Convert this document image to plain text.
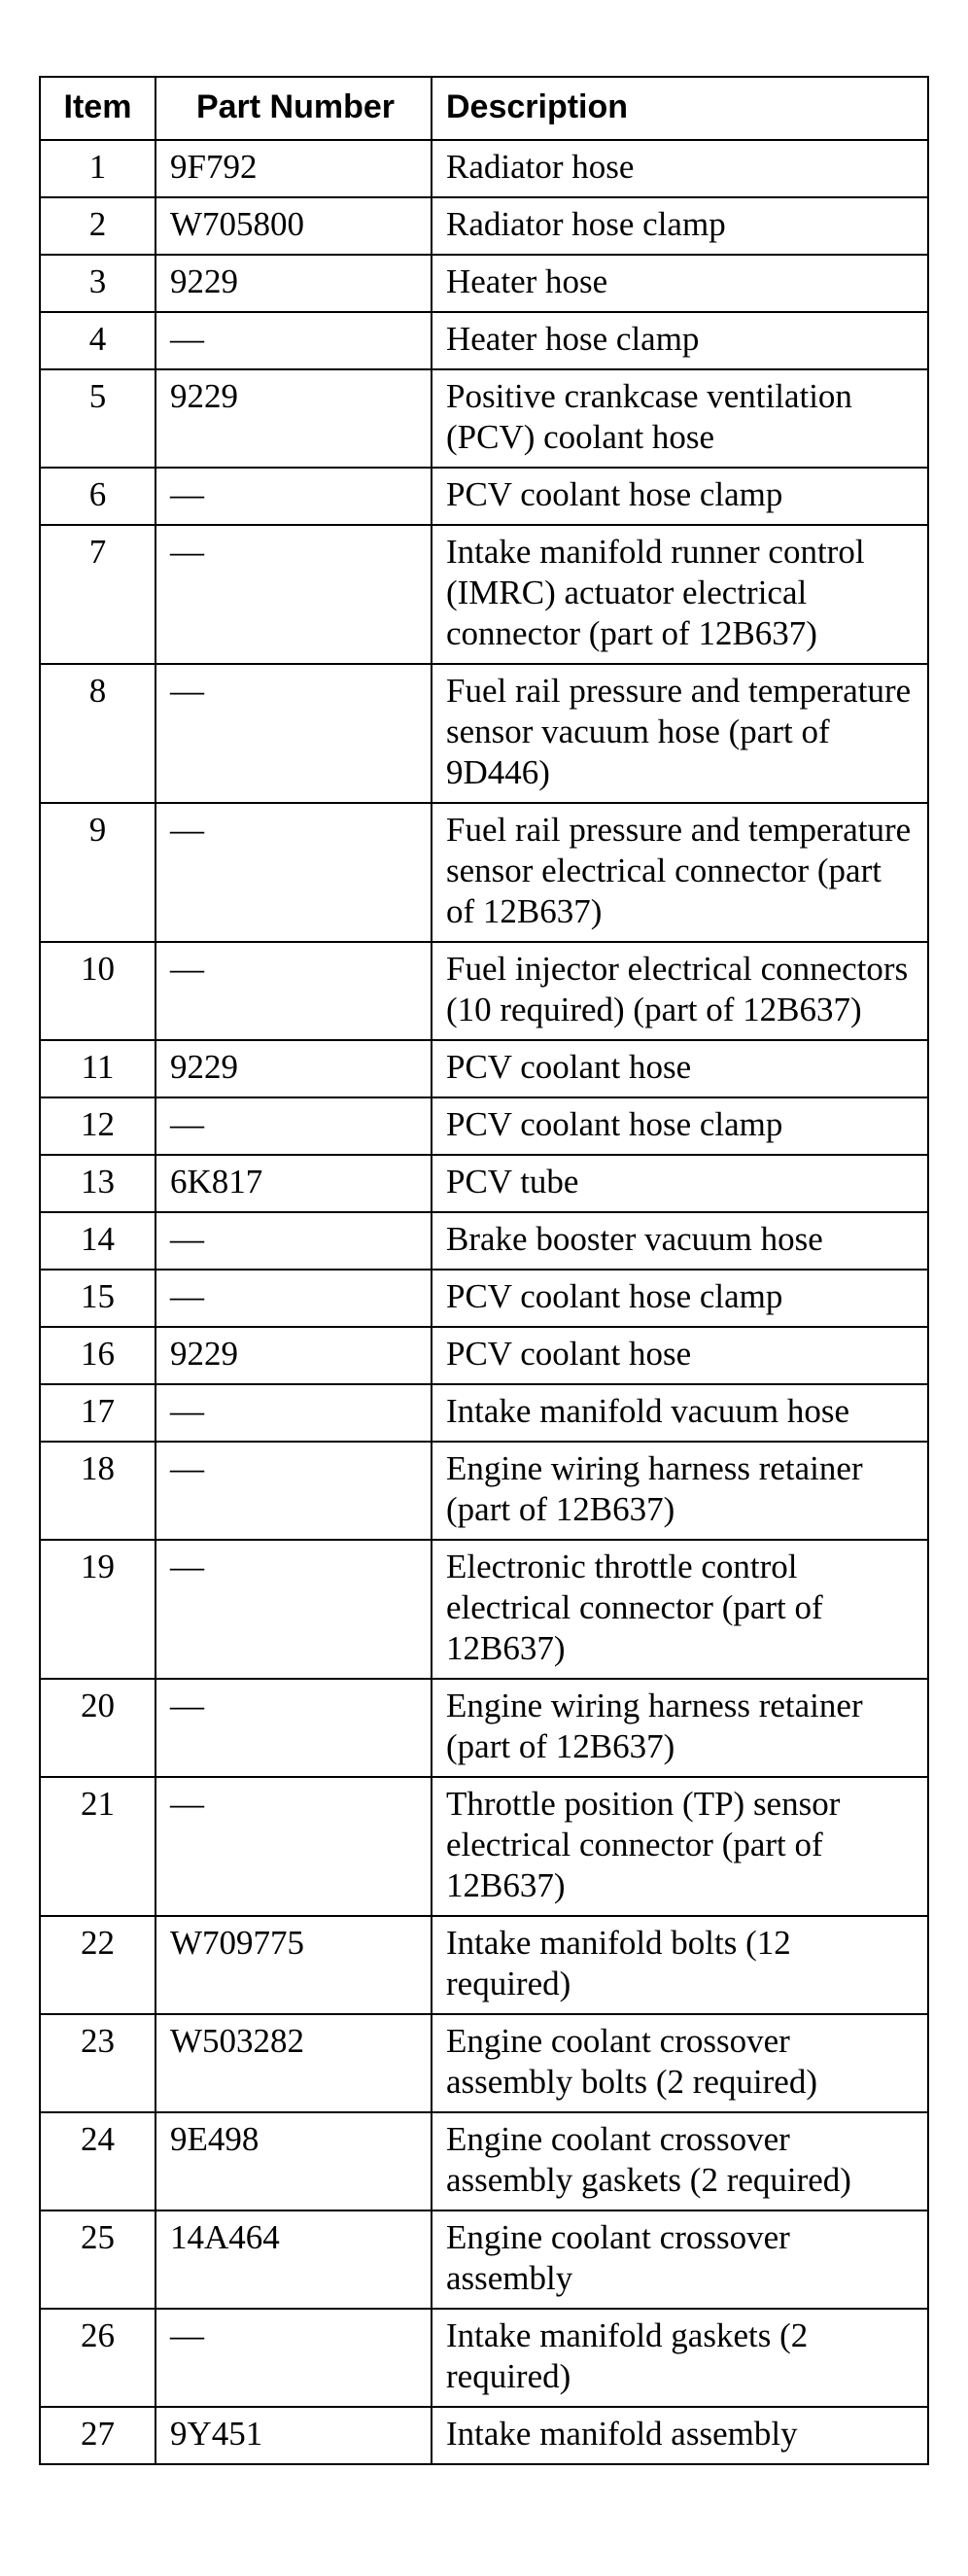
Item	Part Number	Description
1	9F792	Radiator hose
2	W705800	Radiator hose clamp
3	9229	Heater hose
4	—	Heater hose clamp
5	9229	Positive crankcase ventilation (PCV) coolant hose
6	—	PCV coolant hose clamp
7	—	Intake manifold runner control (IMRC) actuator electrical connector (part of 12B637)
8	—	Fuel rail pressure and temperature sensor vacuum hose (part of 9D446)
9	—	Fuel rail pressure and temperature sensor electrical connector (part of 12B637)
10	—	Fuel injector electrical connectors (10 required) (part of 12B637)
11	9229	PCV coolant hose
12	—	PCV coolant hose clamp
13	6K817	PCV tube
14	—	Brake booster vacuum hose
15	—	PCV coolant hose clamp
16	9229	PCV coolant hose
17	—	Intake manifold vacuum hose
18	—	Engine wiring harness retainer (part of 12B637)
19	—	Electronic throttle control electrical connector (part of 12B637)
20	—	Engine wiring harness retainer (part of 12B637)
21	—	Throttle position (TP) sensor electrical connector (part of 12B637)
22	W709775	Intake manifold bolts (12 required)
23	W503282	Engine coolant crossover assembly bolts (2 required)
24	9E498	Engine coolant crossover assembly gaskets (2 required)
25	14A464	Engine coolant crossover assembly
26	—	Intake manifold gaskets (2 required)
27	9Y451	Intake manifold assembly
